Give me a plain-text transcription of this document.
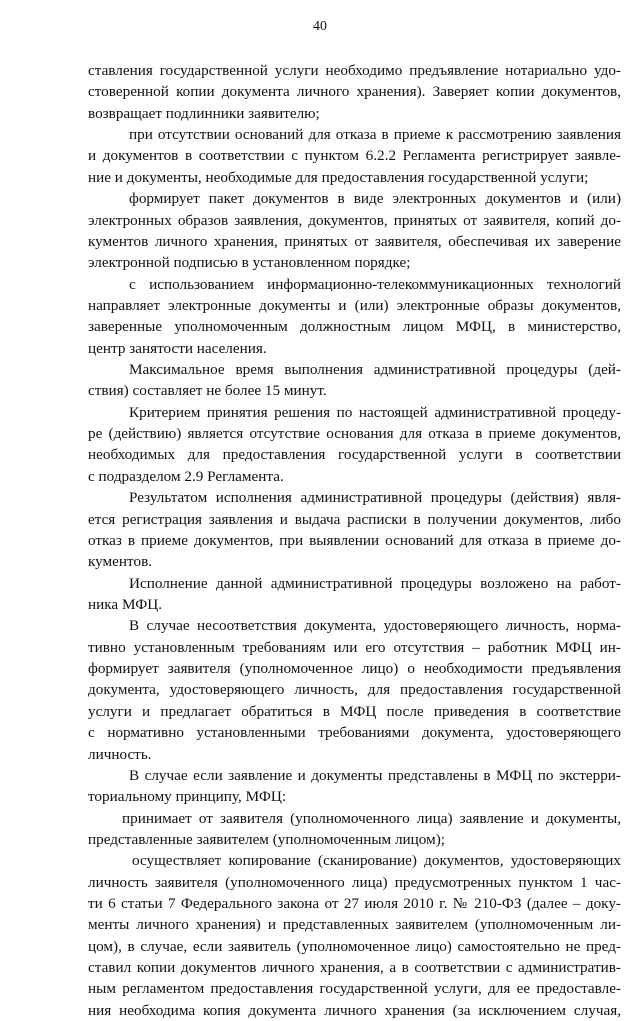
40

ставления государственной услуги необходимо предъявление нотариально удо-
стоверенной копии документа личного хранения). Заверяет копии документов,
возвращает подлинники заявителю;
при отсутствии оснований для отказа в приеме к рассмотрению заявления
и документов в соответствии с пунктом 6.2.2 Регламента регистрирует заявле-
ние и документы, необходимые для предоставления государственной услуги;
формирует пакет документов в виде электронных документов и (или)
электронных образов заявления, документов, принятых от заявителя, копий до-
кументов личного хранения, принятых от заявителя, обеспечивая их заверение
электронной подписью в установленном порядке;
с использованием информационно-телекоммуникационных технологий
направляет электронные документы и (или) электронные образы документов,
заверенные уполномоченным должностным лицом МФЦ, в министерство,
центр занятости населения.
Максимальное время выполнения административной процедуры (дей-
ствия) составляет не более 15 минут.
Критерием принятия решения по настоящей административной процеду-
ре (действию) является отсутствие основания для отказа в приеме документов,
необходимых для предоставления государственной услуги в соответствии
с подразделом 2.9 Регламента.
Результатом исполнения административной процедуры (действия) явля-
ется регистрация заявления и выдача расписки в получении документов, либо
отказ в приеме документов, при выявлении оснований для отказа в приеме до-
кументов.
Исполнение данной административной процедуры возложено на работ-
ника МФЦ.
В случае несоответствия документа, удостоверяющего личность, норма-
тивно установленным требованиям или его отсутствия – работник МФЦ ин-
формирует заявителя (уполномоченное лицо) о необходимости предъявления
документа, удостоверяющего личность, для предоставления государственной
услуги и предлагает обратиться в МФЦ после приведения в соответствие
с нормативно установленными требованиями документа, удостоверяющего
личность.
В случае если заявление и документы представлены в МФЦ по экстерри-
ториальному принципу, МФЦ:
принимает от заявителя (уполномоченного лица) заявление и документы,
представленные заявителем (уполномоченным лицом);
осуществляет копирование (сканирование) документов, удостоверяющих
личность заявителя (уполномоченного лица) предусмотренных пунктом 1 час-
ти 6 статьи 7 Федерального закона от 27 июля 2010 г. № 210-ФЗ (далее – доку-
менты личного хранения) и представленных заявителем (уполномоченным ли-
цом), в случае, если заявитель (уполномоченное лицо) самостоятельно не пред-
ставил копии документов личного хранения, а в соответствии с административ-
ным регламентом предоставления государственной услуги, для ее предоставле-
ния необходима копия документа личного хранения (за исключением случая,
